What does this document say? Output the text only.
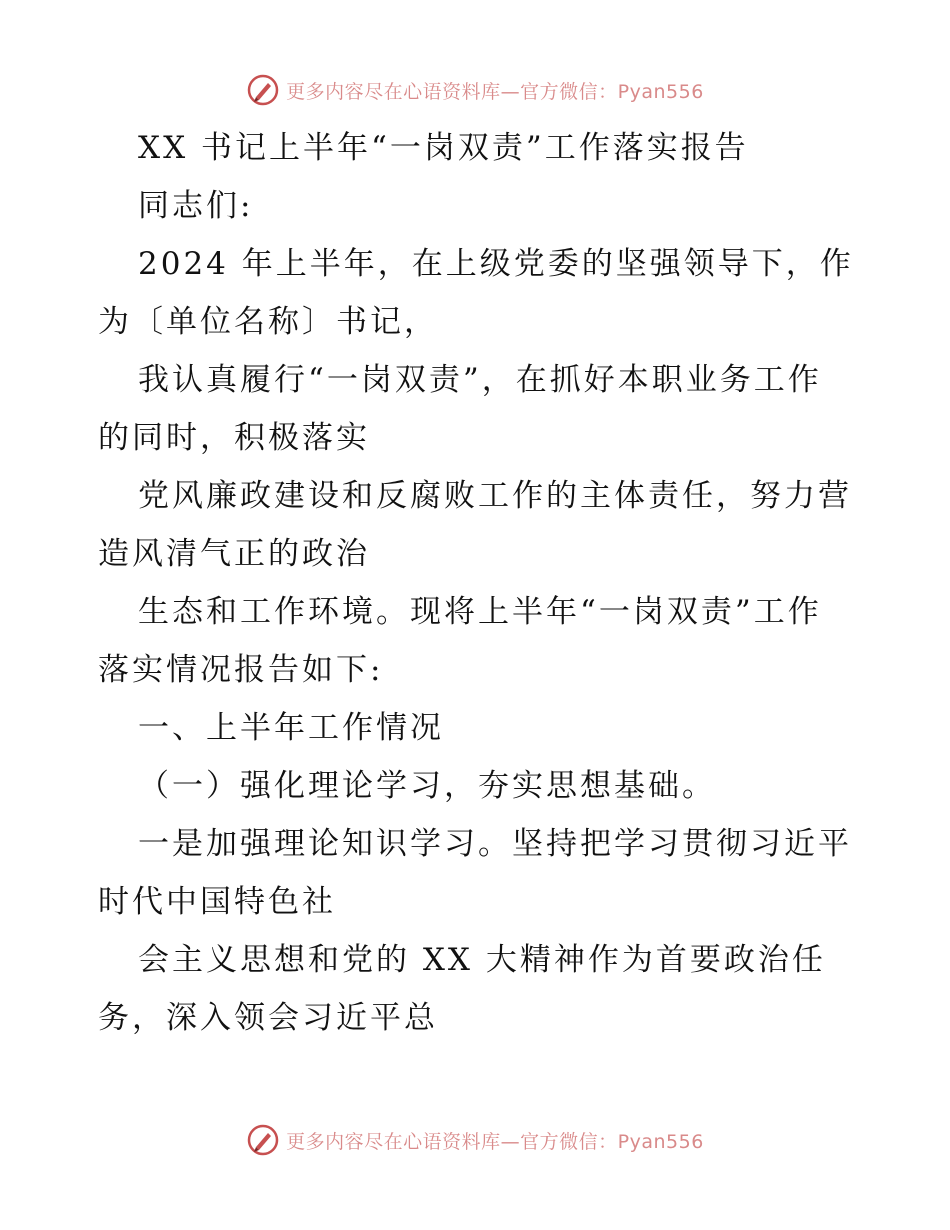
更多内容尽在心语资料库—官方微信：Pyan556
XX 书记上半年“一岗双责”工作落实报告
同志们:
2024 年上半年，在上级党委的坚强领导下，作
为〔单位名称〕书记，
我认真履行“一岗双责”，在抓好本职业务工作
的同时，积极落实
党风廉政建设和反腐败工作的主体责任，努力营
造风清气正的政治
生态和工作环境。现将上半年“一岗双责”工作
落实情况报告如下:
一、上半年工作情况
（一）强化理论学习，夯实思想基础。
一是加强理论知识学习。坚持把学习贯彻习近平
时代中国特色社
会主义思想和党的 XX 大精神作为首要政治任
务，深入领会习近平总
更多内容尽在心语资料库—官方微信：Pyan556
